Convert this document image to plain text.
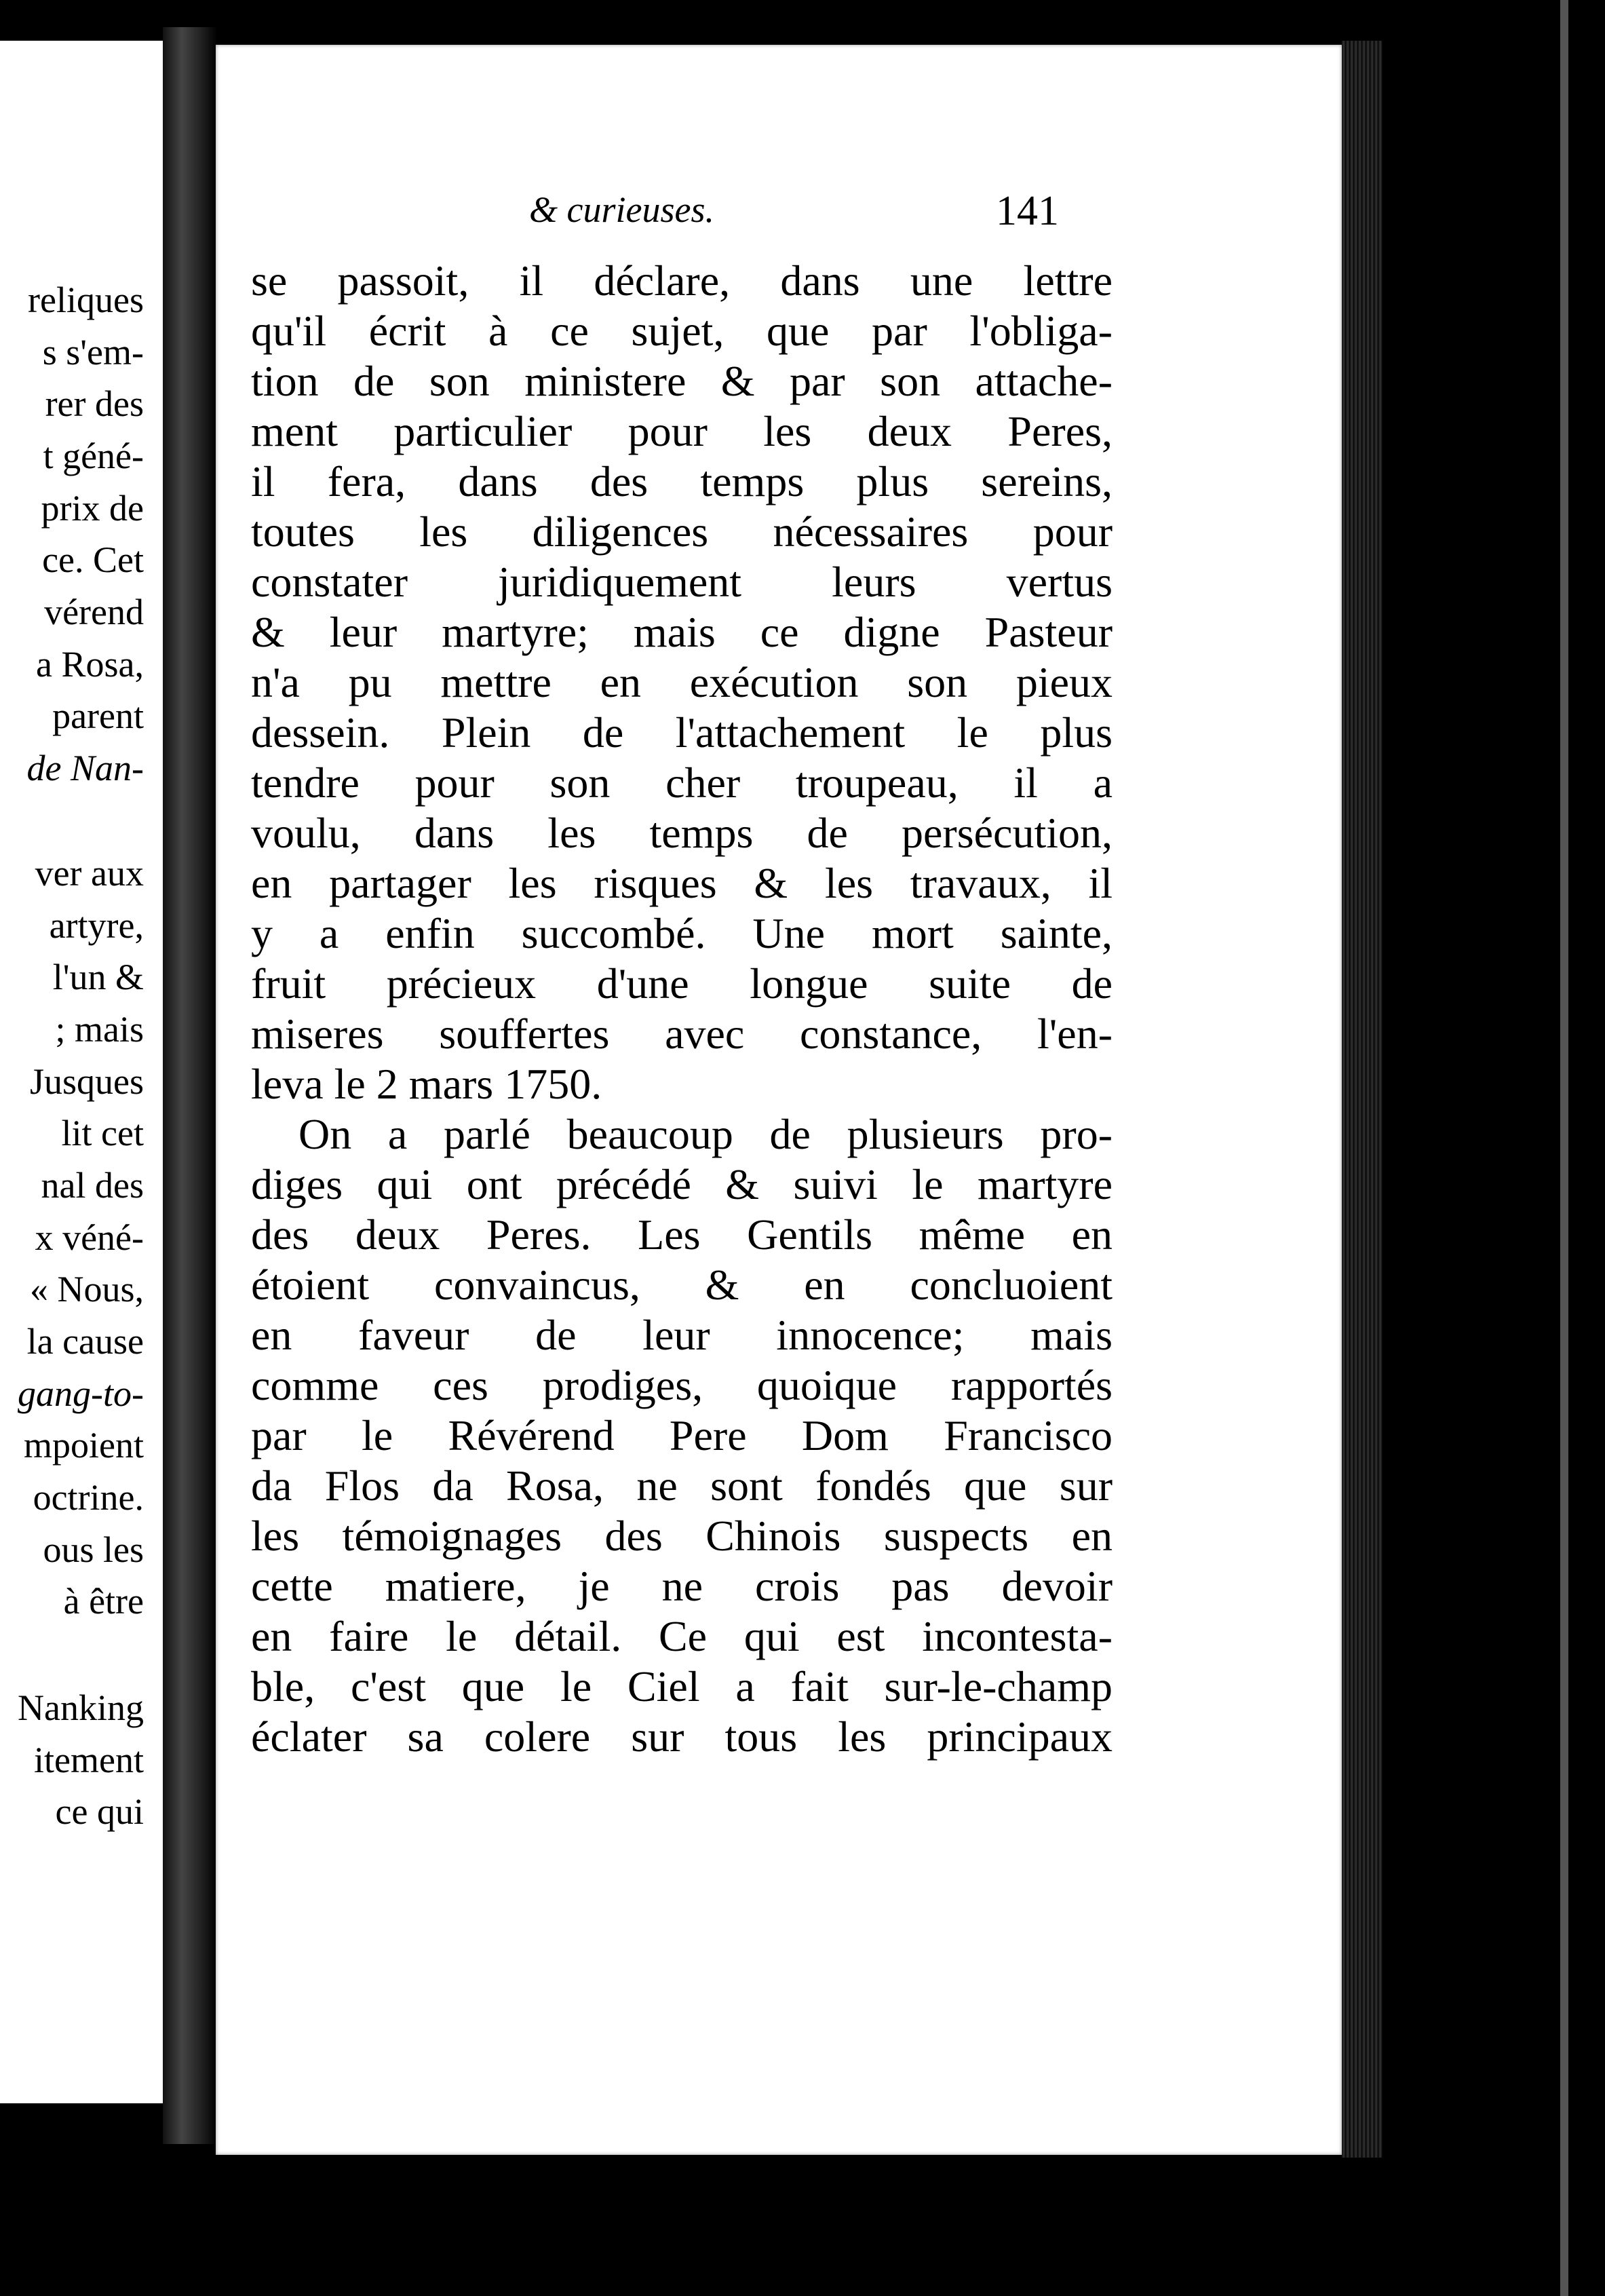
reliques
s s'em-
rer des
t géné-
prix de
ce. Cet
vérend
a Rosa,
parent
de Nan-
ver aux
artyre,
l'un &
; mais
Jusques
lit cet
nal des
x véné-
« Nous,
la cause
gang-to-
mpoient
octrine.
ous les
à être
Nanking
itement
ce qui
& curieuses.	141
se passoit, il déclare, dans une lettre
qu'il écrit à ce sujet, que par l'obliga-
tion de son ministere & par son attache-
ment particulier pour les deux Peres,
il fera, dans des temps plus sereins,
toutes les diligences nécessaires pour
constater juridiquement leurs vertus
& leur martyre; mais ce digne Pasteur
n'a pu mettre en exécution son pieux
dessein. Plein de l'attachement le plus
tendre pour son cher troupeau, il a
voulu, dans les temps de persécution,
en partager les risques & les travaux, il
y a enfin succombé. Une mort sainte,
fruit précieux d'une longue suite de
miseres souffertes avec constance, l'en-
leva le 2 mars 1750.
On a parlé beaucoup de plusieurs pro-
diges qui ont précédé & suivi le martyre
des deux Peres. Les Gentils même en
étoient convaincus, & en concluoient
en faveur de leur innocence; mais
comme ces prodiges, quoique rapportés
par le Révérend Pere Dom Francisco
da Flos da Rosa, ne sont fondés que sur
les témoignages des Chinois suspects en
cette matiere, je ne crois pas devoir
en faire le détail. Ce qui est incontesta-
ble, c'est que le Ciel a fait sur-le-champ
éclater sa colere sur tous les principaux
